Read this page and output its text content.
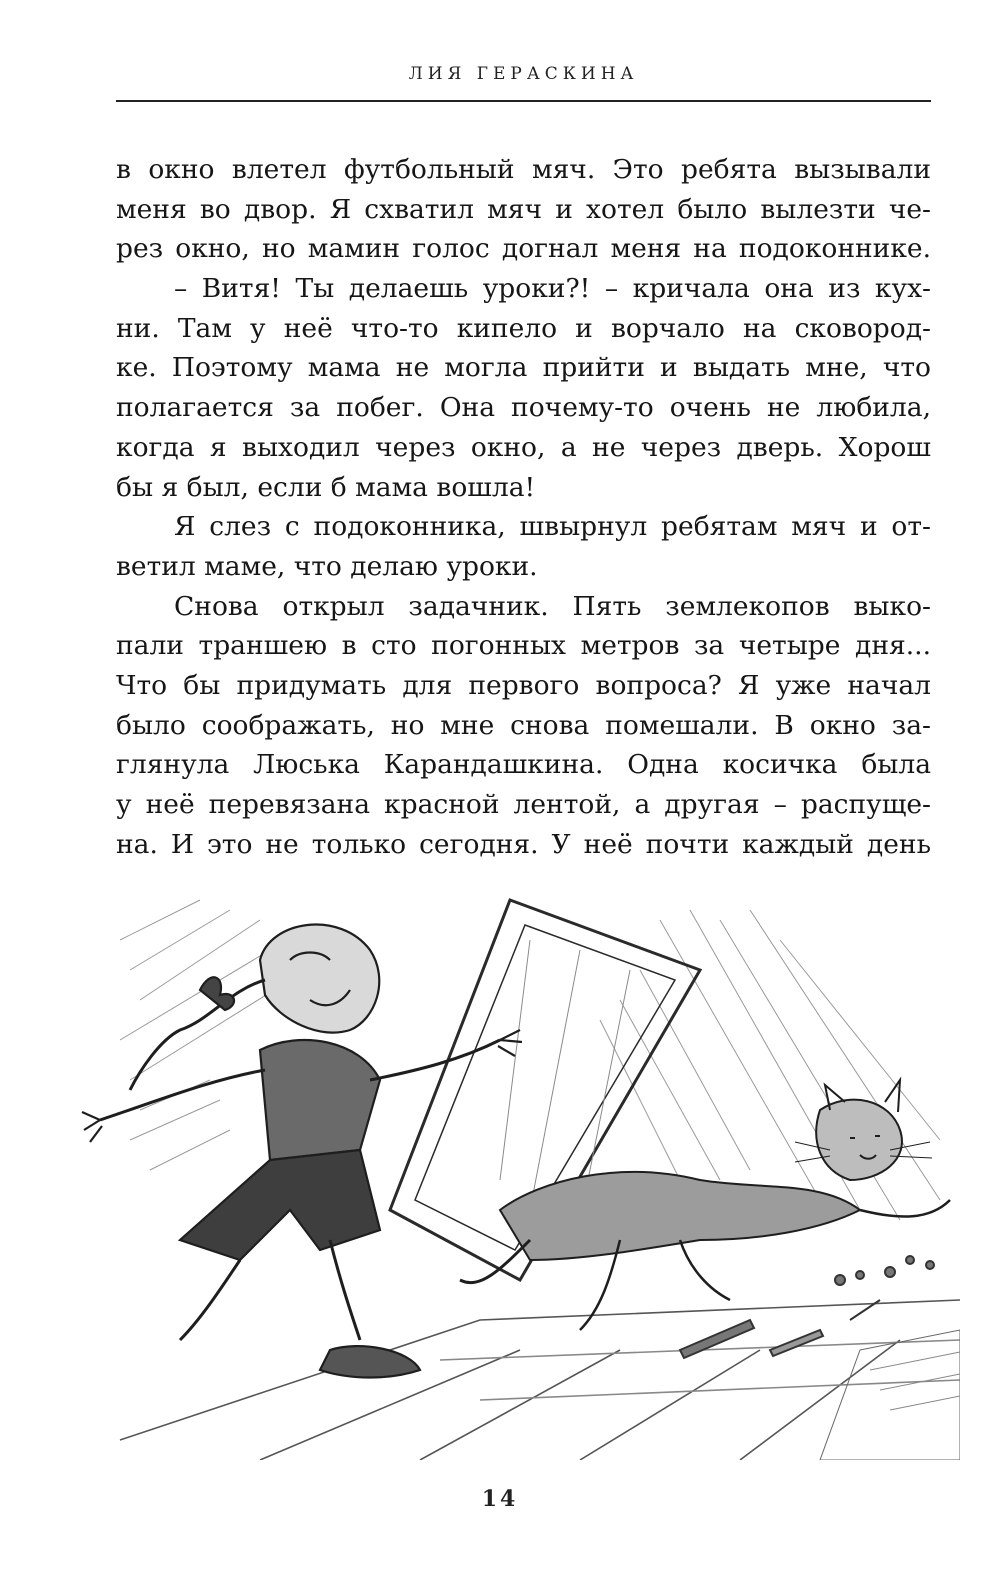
ЛИЯ ГЕРАСКИНА
в окно влетел футбольный мяч. Это ребята вызывали
меня во двор. Я схватил мяч и хотел было вылезти че-
рез окно, но мамин голос догнал меня на подоконнике.
– Витя! Ты делаешь уроки?! – кричала она из кух-
ни. Там у неё что-то кипело и ворчало на сковород-
ке. Поэтому мама не могла прийти и выдать мне, что
полагается за побег. Она почему-то очень не любила,
когда я выходил через окно, а не через дверь. Хорош
бы я был, если б мама вошла!
Я слез с подоконника, швырнул ребятам мяч и от-
ветил маме, что делаю уроки.
Снова открыл задачник. Пять землекопов выко-
пали траншею в сто погонных метров за четыре дня...
Что бы придумать для первого вопроса? Я уже начал
было соображать, но мне снова помешали. В окно за-
глянула Люська Карандашкина. Одна косичка была
у неё перевязана красной лентой, а другая – распуще-
на. И это не только сегодня. У неё почти каждый день
14
